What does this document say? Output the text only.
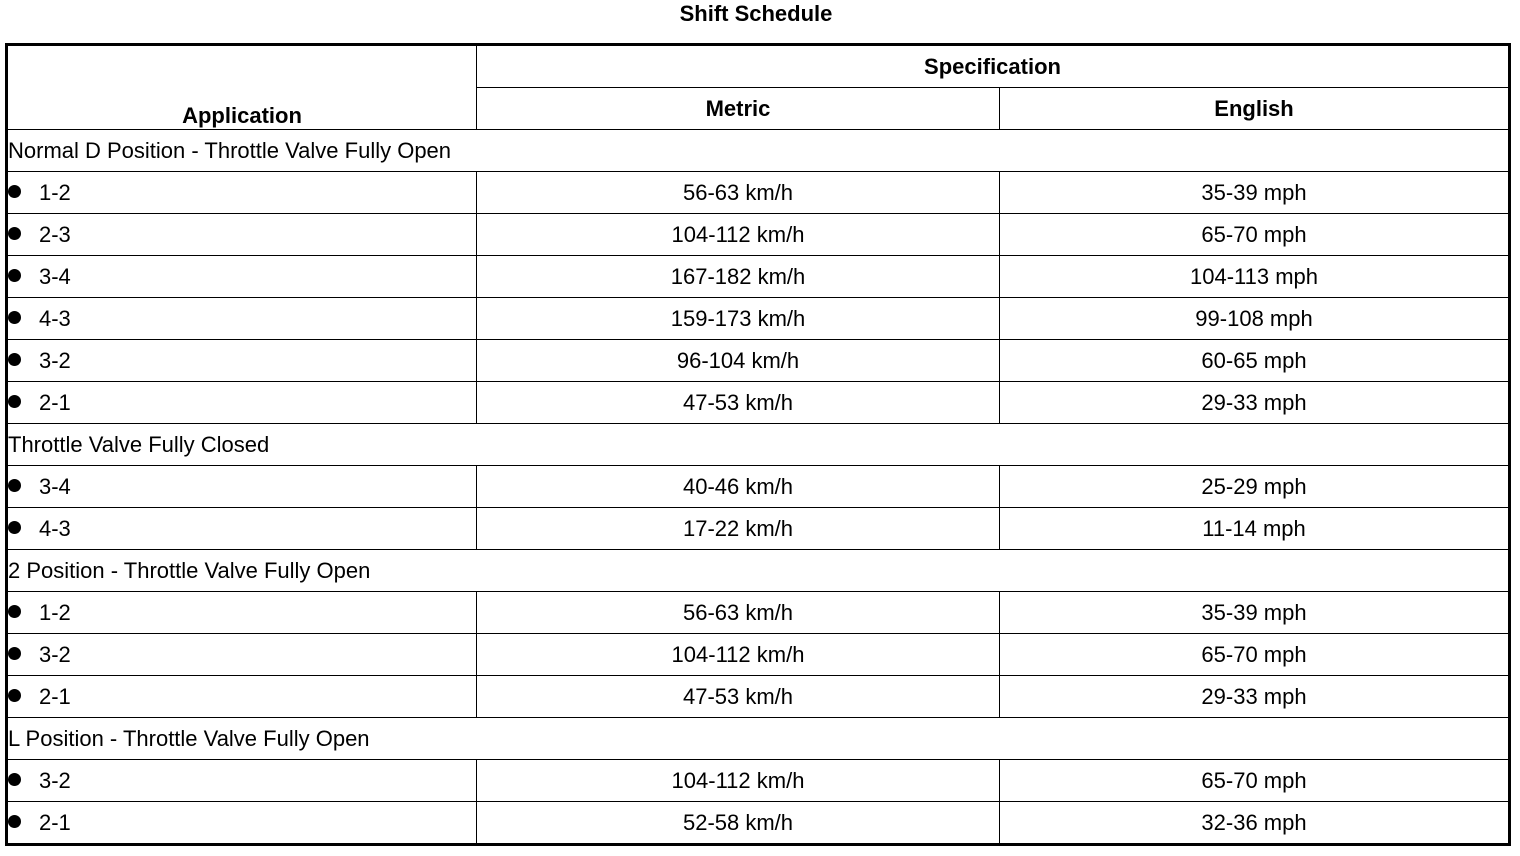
Shift Schedule
Application	Specification	
	Metric	English
Normal D Position - Throttle Valve Fully Open		
1-2	56-63 km/h	35-39 mph
2-3	104-112 km/h	65-70 mph
3-4	167-182 km/h	104-113 mph
4-3	159-173 km/h	99-108 mph
3-2	96-104 km/h	60-65 mph
2-1	47-53 km/h	29-33 mph
Throttle Valve Fully Closed		
3-4	40-46 km/h	25-29 mph
4-3	17-22 km/h	11-14 mph
2 Position - Throttle Valve Fully Open		
1-2	56-63 km/h	35-39 mph
3-2	104-112 km/h	65-70 mph
2-1	47-53 km/h	29-33 mph
L Position - Throttle Valve Fully Open		
3-2	104-112 km/h	65-70 mph
2-1	52-58 km/h	32-36 mph
